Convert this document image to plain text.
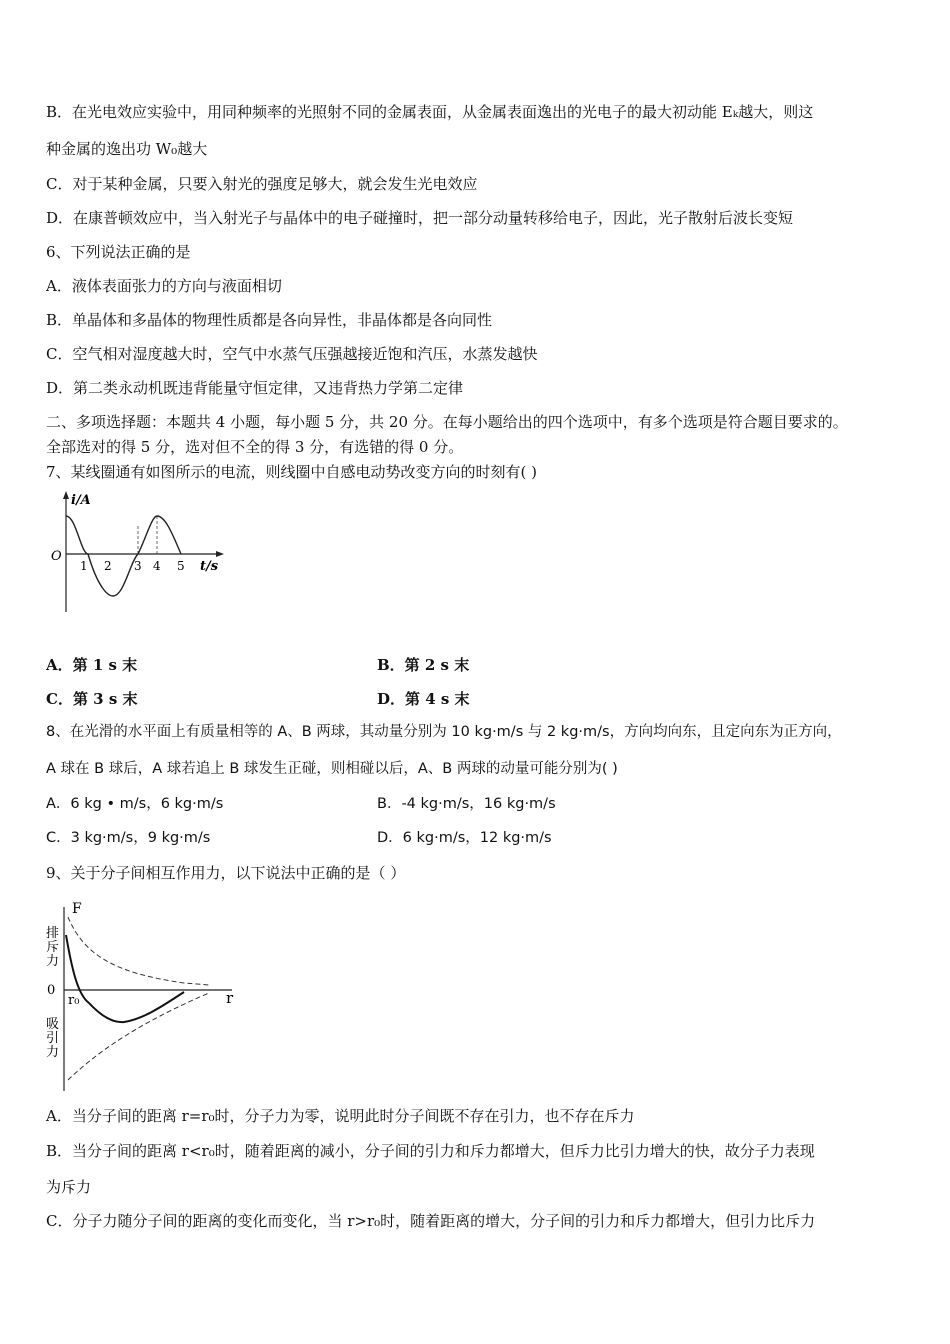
B．在光电效应实验中，用同种频率的光照射不同的金属表面，从金属表面逸出的光电子的最大初动能 Eₖ越大，则这
种金属的逸出功 W₀越大
C．对于某种金属，只要入射光的强度足够大，就会发生光电效应
D．在康普顿效应中，当入射光子与晶体中的电子碰撞时，把一部分动量转移给电子，因此，光子散射后波长变短
6、下列说法正确的是
A．液体表面张力的方向与液面相切
B．单晶体和多晶体的物理性质都是各向异性，非晶体都是各向同性
C．空气相对湿度越大时，空气中水蒸气压强越接近饱和汽压，水蒸发越快
D．第二类永动机既违背能量守恒定律，又违背热力学第二定律
二、多项选择题：本题共 4 小题，每小题 5 分，共 20 分。在每小题给出的四个选项中，有多个选项是符合题目要求的。
全部选对的得 5 分，选对但不全的得 3 分，有选错的得 0 分。
7、某线圈通有如图所示的电流，则线圈中自感电动势改变方向的时刻有( )
i/A
O
1 2 3 4 5 t/s
A．第 1 s 末	B．第 2 s 末
C．第 3 s 末	D．第 4 s 末
8、在光滑的水平面上有质量相等的 A、B 两球，其动量分别为 10 kg·m/s 与 2 kg·m/s，方向均向东，且定向东为正方向，
A 球在 B 球后，A 球若追上 B 球发生正碰，则相碰以后，A、B 两球的动量可能分别为( )
A．6 kg • m/s，6 kg·m/s	B．-4 kg·m/s，16 kg·m/s
C．3 kg·m/s，9 kg·m/s	D．6 kg·m/s，12 kg·m/s
9、关于分子间相互作用力，以下说法中正确的是（ ）
F
r
0
r₀
排
斥
力
吸
引
力
A．当分子间的距离 r=r₀时，分子力为零，说明此时分子间既不存在引力，也不存在斥力
B．当分子间的距离 r<r₀时，随着距离的减小，分子间的引力和斥力都增大，但斥力比引力增大的快，故分子力表现
为斥力
C．分子力随分子间的距离的变化而变化，当 r>r₀时，随着距离的增大，分子间的引力和斥力都增大，但引力比斥力
